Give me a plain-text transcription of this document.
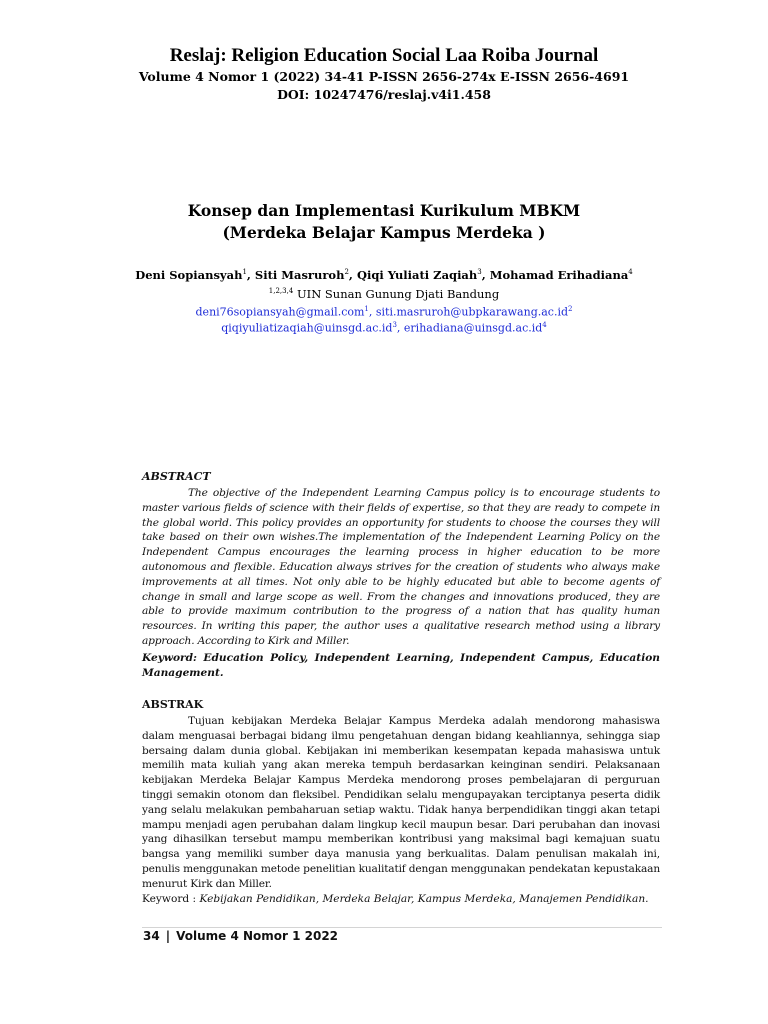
Reslaj: Religion Education Social Laa Roiba Journal
Volume 4 Nomor 1 (2022) 34-41 P-ISSN 2656-274x E-ISSN 2656-4691
DOI: 10247476/reslaj.v4i1.458
Konsep dan Implementasi Kurikulum MBKM
(Merdeka Belajar Kampus Merdeka )
Deni Sopiansyah$^1$, Siti Masruroh$^2$, Qiqi Yuliati Zaqiah$^3$, Mohamad Erihadiana$^4$
$^{1,2,3,4}$ UIN Sunan Gunung Djati Bandung
deni76sopiansyah@gmail.com$^1$, $siti.masruroh@ubpkarawang.ac.id^2$
$qiqiyuliatizaqiah@uinsgd.ac.id^3$, $erihadiana@uinsgd.ac.id^4$

ABSTRACT

The objective of the Independent Learning Campus policy is to encourage students to master various fields of science with their fields of expertise, so that they are ready to compete in the global world. This policy provides an opportunity for students to choose the courses they will take based on their own wishes.The implementation of the Independent Learning Policy on the Independent Campus encourages the learning process in higher education to be more autonomous and flexible. Education always strives for the creation of students who always make improvements at all times. Not only able to be highly educated but able to become agents of change in small and large scope as well. From the changes and innovations produced, they are able to provide maximum contribution to the progress of a nation that has quality human resources. In writing this paper, the author uses a qualitative research method using a library approach. According to Kirk and Miller.

Keyword: Education Policy, Independent Learning, Independent Campus, Education Management.

ABSTRAK

Tujuan kebijakan Merdeka Belajar Kampus Merdeka adalah mendorong mahasiswa dalam menguasai berbagai bidang ilmu pengetahuan dengan bidang keahliannya, sehingga siap bersaing dalam dunia global. Kebijakan ini memberikan kesempatan kepada mahasiswa untuk memilih mata kuliah yang akan mereka tempuh berdasarkan keinginan sendiri. Pelaksanaan kebijakan Merdeka Belajar Kampus Merdeka mendorong proses pembelajaran di perguruan tinggi semakin otonom dan fleksibel. Pendidikan selalu mengupayakan terciptanya peserta didik yang selalu melakukan pembaharuan setiap waktu. Tidak hanya berpendidikan tinggi akan tetapi mampu menjadi agen perubahan dalam lingkup kecil maupun besar. Dari perubahan dan inovasi yang dihasilkan tersebut mampu memberikan kontribusi yang maksimal bagi kemajuan suatu bangsa yang memiliki sumber daya manusia yang berkualitas. Dalam penulisan makalah ini, penulis menggunakan metode penelitian kualitatif dengan menggunakan pendekatan kepustakaan menurut Kirk dan Miller.

Keyword : Kebijakan Pendidikan, Merdeka Belajar, Kampus Merdeka, Manajemen Pendidikan.

34 | Volume 4 Nomor 1 2022
